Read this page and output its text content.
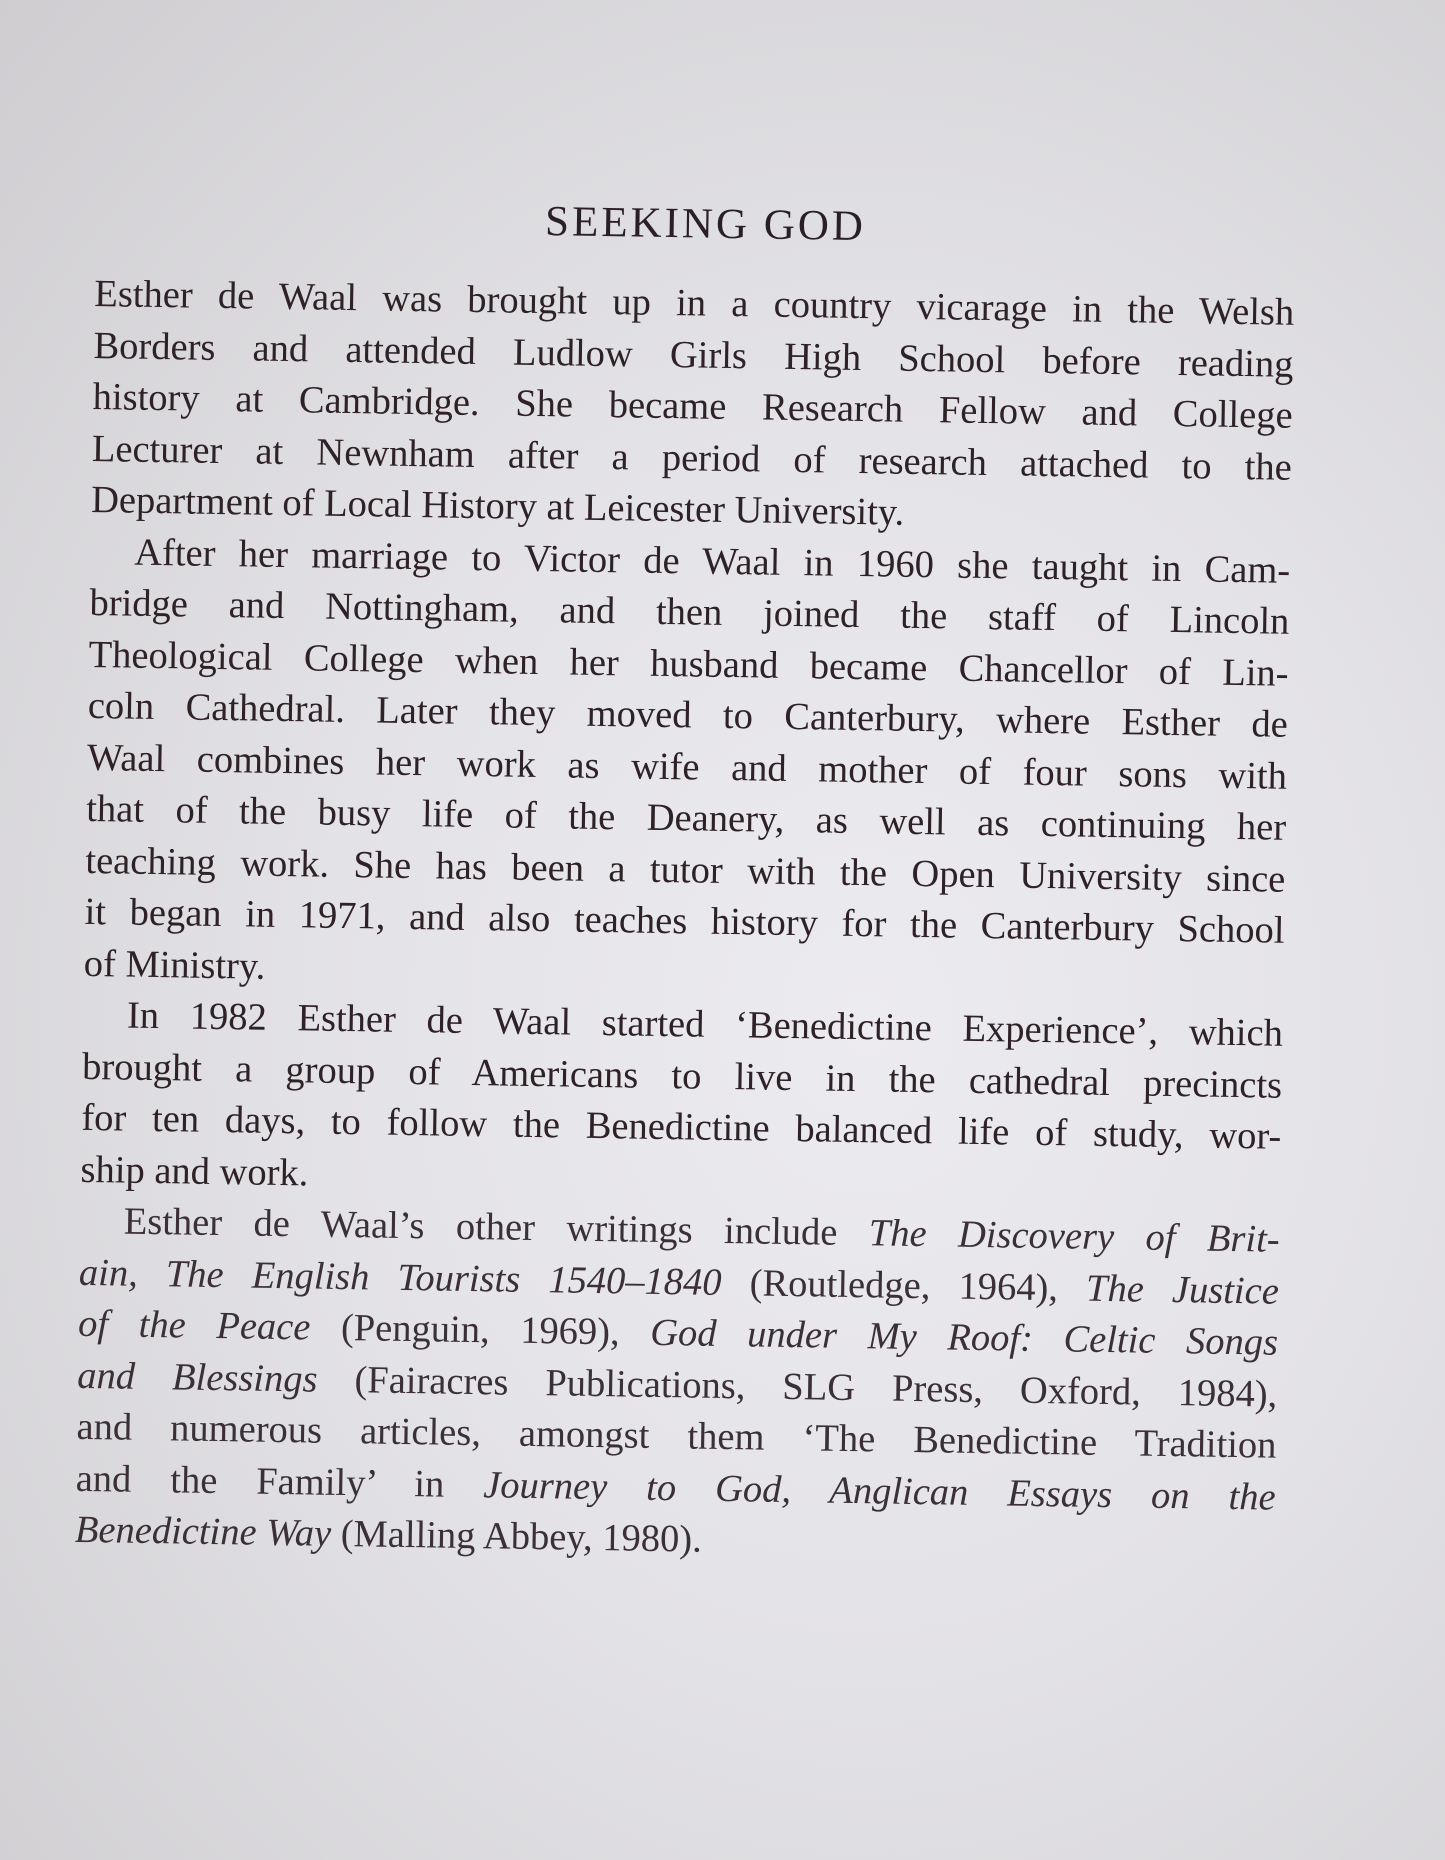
SEEKING GOD

Esther de Waal was brought up in a country vicarage in the Welsh
Borders and attended Ludlow Girls High School before reading
history at Cambridge. She became Research Fellow and College
Lecturer at Newnham after a period of research attached to the
Department of Local History at Leicester University.

After her marriage to Victor de Waal in 1960 she taught in Cam-
bridge and Nottingham, and then joined the staff of Lincoln
Theological College when her husband became Chancellor of Lin-
coln Cathedral. Later they moved to Canterbury, where Esther de
Waal combines her work as wife and mother of four sons with
that of the busy life of the Deanery, as well as continuing her
teaching work. She has been a tutor with the Open University since
it began in 1971, and also teaches history for the Canterbury School
of Ministry.

In 1982 Esther de Waal started ‘Benedictine Experience’, which
brought a group of Americans to live in the cathedral precincts
for ten days, to follow the Benedictine balanced life of study, wor-
ship and work.

Esther de Waal’s other writings include The Discovery of Brit-
ain, The English Tourists 1540–1840 (Routledge, 1964), The Justice
of the Peace (Penguin, 1969), God under My Roof: Celtic Songs
and Blessings (Fairacres Publications, SLG Press, Oxford, 1984),
and numerous articles, amongst them ‘The Benedictine Tradition
and the Family’ in Journey to God, Anglican Essays on the
Benedictine Way (Malling Abbey, 1980).
